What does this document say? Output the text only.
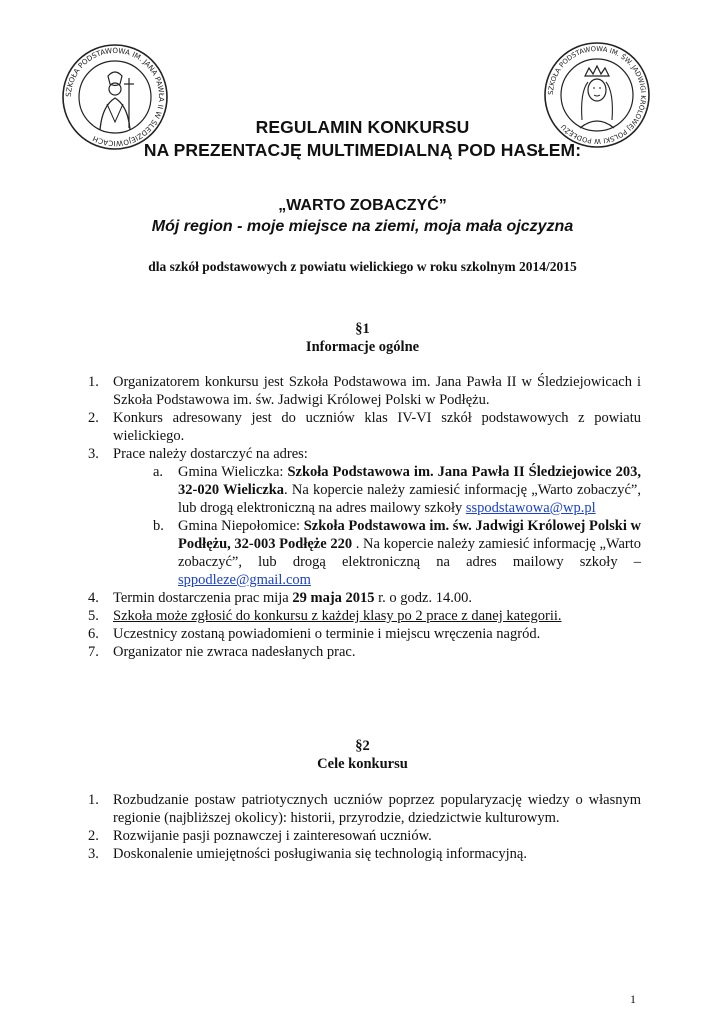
SZKOŁA PODSTAWOWA IM. JANA PAWŁA II W ŚLEDZIEJOWICACH
SZKOŁA PODSTAWOWA IM. ŚW. JADWIGI KRÓLOWEJ POLSKI W PODŁĘŻU
REGULAMIN KONKURSU
NA PREZENTACJĘ MULTIMEDIALNĄ POD HASŁEM:
„WARTO ZOBACZYĆ”
Mój region - moje miejsce na ziemi, moja mała ojczyzna
dla szkół podstawowych z powiatu wielickiego w roku szkolnym 2014/2015
§1
Informacje ogólne
1. Organizatorem konkursu jest Szkoła Podstawowa im. Jana Pawła II w Śledziejowicach i Szkoła Podstawowa im. św. Jadwigi Królowej Polski w Podłężu.
2. Konkurs adresowany jest do uczniów klas IV-VI szkół podstawowych z powiatu wielickiego.
3. Prace należy dostarczyć na adres:
a. Gmina Wieliczka: Szkoła Podstawowa im. Jana Pawła II Śledziejowice 203, 32-020 Wieliczka. Na kopercie należy zamiesić informację „Warto zobaczyć”, lub drogą elektroniczną na adres mailowy szkoły sspodstawowa@wp.pl
b. Gmina Niepołomice: Szkoła Podstawowa im. św. Jadwigi Królowej Polski w Podłężu, 32-003 Podłęże 220 . Na kopercie należy zamiesić informację „Warto zobaczyć”, lub drogą elektroniczną na adres mailowy szkoły – sppodleze@gmail.com
4. Termin dostarczenia prac mija 29 maja 2015 r. o godz. 14.00.
5. Szkoła może zgłosić do konkursu z każdej klasy po 2 prace z danej kategorii.
6. Uczestnicy zostaną powiadomieni o terminie i miejscu wręczenia nagród.
7. Organizator nie zwraca nadesłanych prac.
§2
Cele konkursu
1. Rozbudzanie postaw patriotycznych uczniów poprzez popularyzację wiedzy o własnym regionie (najbliższej okolicy): historii, przyrodzie, dziedzictwie kulturowym.
2. Rozwijanie pasji poznawczej i zainteresowań uczniów.
3. Doskonalenie umiejętności posługiwania się technologią informacyjną.
1
